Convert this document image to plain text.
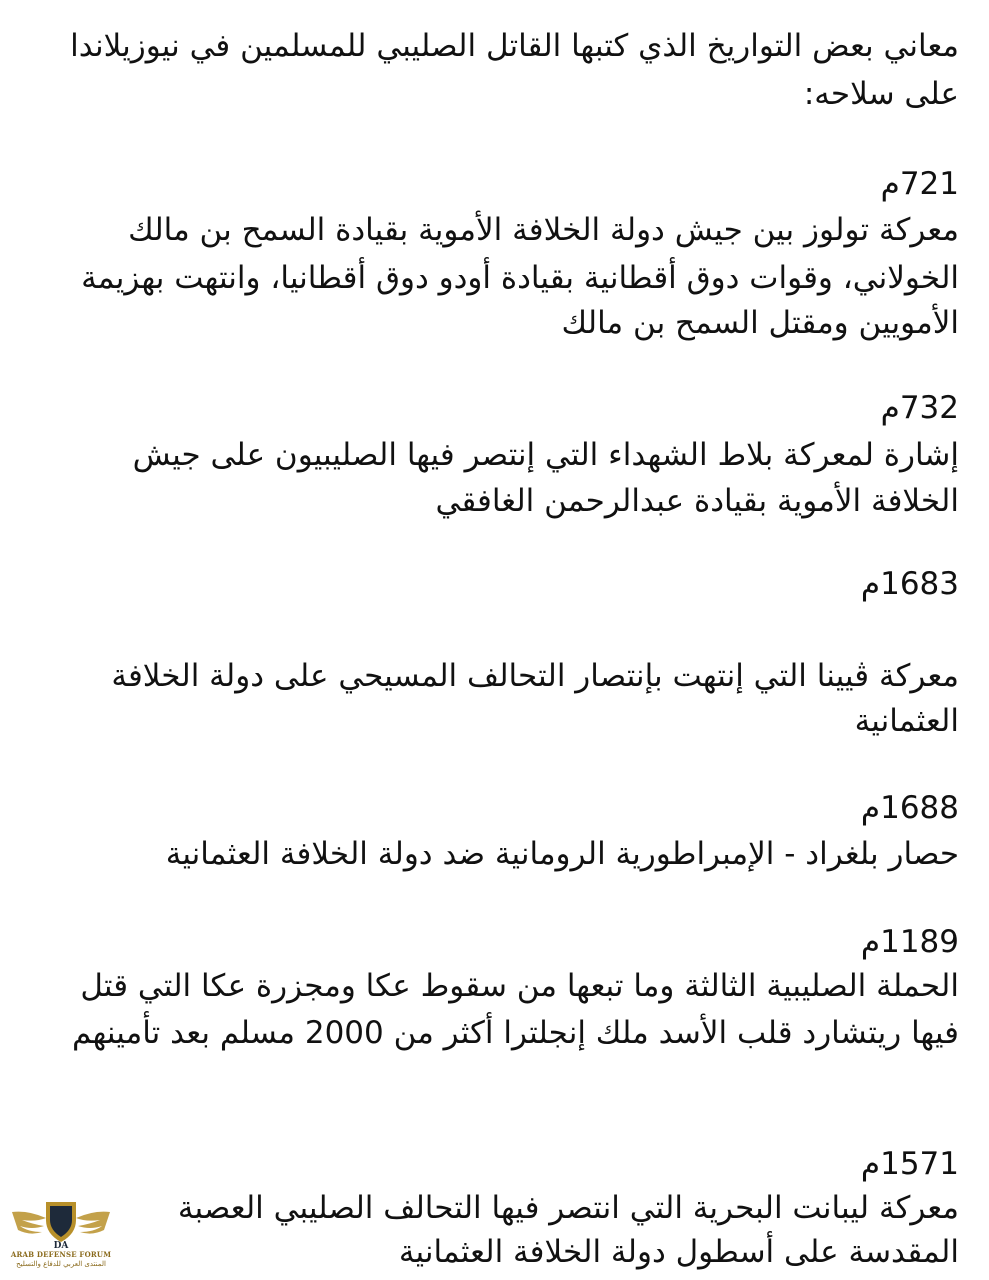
معاني بعض التواريخ الذي كتبها القاتل الصليبي للمسلمين في نيوزيلاندا
على سلاحه:
721م
معركة تولوز بين جيش دولة الخلافة الأموية بقيادة السمح بن مالك
الخولاني، وقوات دوق أقطانية بقيادة أودو دوق أقطانيا، وانتهت بهزيمة
الأمويين ومقتل السمح بن مالك
732م
إشارة لمعركة بلاط الشهداء التي إنتصر فيها الصليبيون على جيش
الخلافة الأموية بقيادة عبدالرحمن الغافقي
1683م
معركة ڤيينا التي إنتهت بإنتصار التحالف المسيحي على دولة الخلافة
العثمانية
1688م
حصار بلغراد - الإمبراطورية الرومانية ضد دولة الخلافة العثمانية
1189م
الحملة الصليبية الثالثة وما تبعها من سقوط عكا ومجزرة عكا التي قتل
فيها ريتشارد قلب الأسد ملك إنجلترا أكثر من 2000 مسلم بعد تأمينهم
1571م
معركة ليبانت البحرية التي انتصر فيها التحالف الصليبي العصبة
المقدسة على أسطول دولة الخلافة العثمانية
DA
ARAB DEFENSE FORUM
المنتدى العربي للدفاع والتسليح
